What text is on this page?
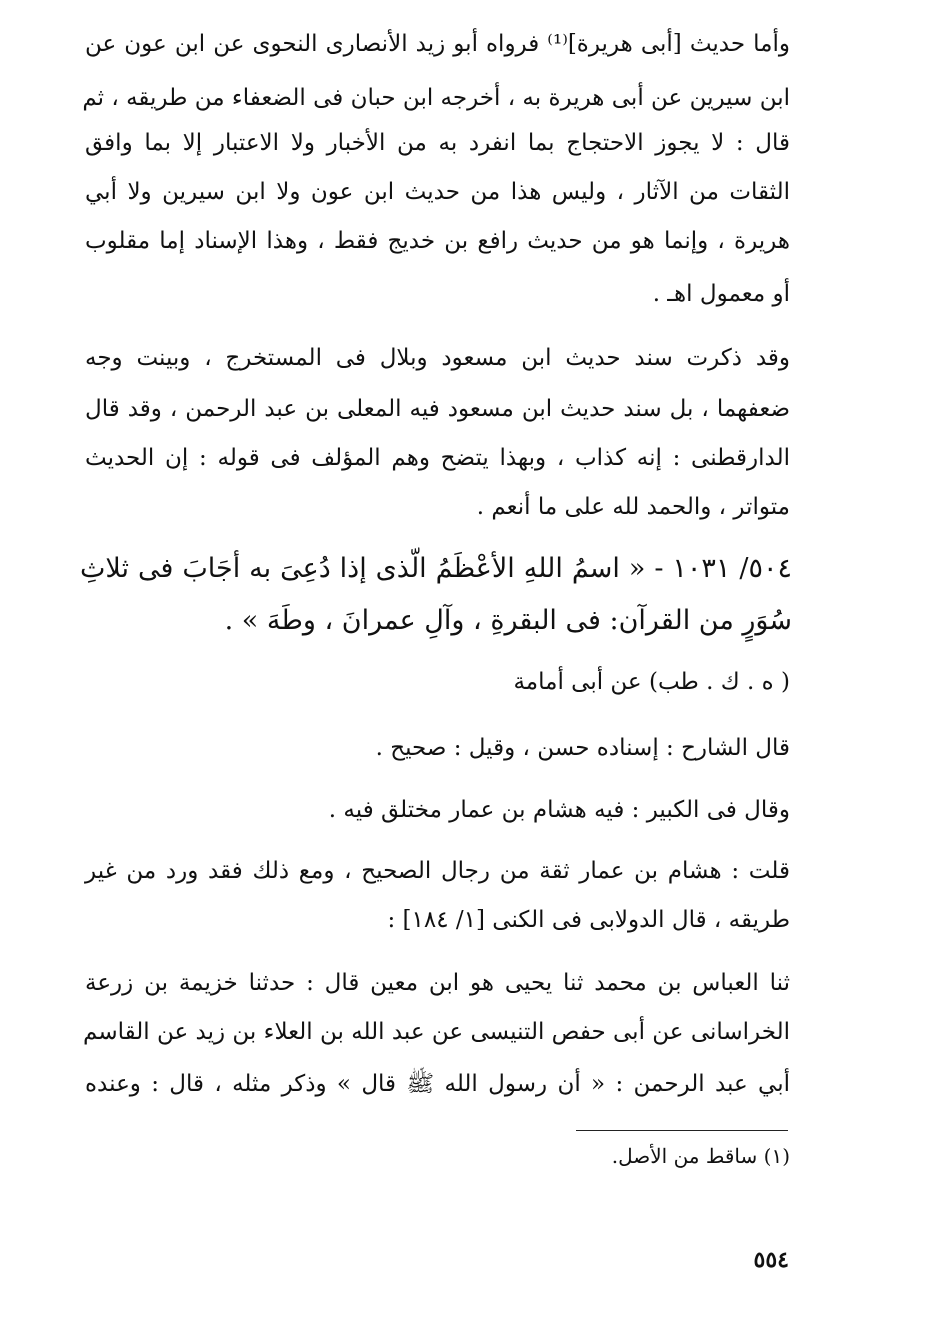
وأما حديث [أبى هريرة]⁽¹⁾ فرواه أبو زيد الأنصارى النحوى عن ابن عون عن
ابن سيرين عن أبى هريرة به ، أخرجه ابن حبان فى الضعفاء من طريقه ، ثم
قال : لا يجوز الاحتجاج بما انفرد به من الأخبار ولا الاعتبار إلا بما وافق
الثقات من الآثار ، وليس هذا من حديث ابن عون ولا ابن سيرين ولا أبي
هريرة ، وإنما هو من حديث رافع بن خديج فقط ، وهذا الإسناد إما مقلوب
أو معمول اهـ .
وقد ذكرت سند حديث ابن مسعود وبلال فى المستخرج ، وبينت وجه
ضعفهما ، بل سند حديث ابن مسعود فيه المعلى بن عبد الرحمن ، وقد قال
الدارقطنى : إنه كذاب ، وبهذا يتضح وهم المؤلف فى قوله : إن الحديث
متواتر ، والحمد لله على ما أنعم .
٥٠٤/ ١٠٣١ - « اسمُ اللهِ الأعْظَمُ الّذى إذا دُعِىَ به أجَابَ فى ثلاثِ
سُوَرٍ من القرآن: فى البقرةِ ، وآلِ عمرانَ ، وطَهَ » .
( ه . ك . طب) عن أبى أمامة
قال الشارح : إسناده حسن ، وقيل : صحيح .
وقال فى الكبير : فيه هشام بن عمار مختلق فيه .
قلت : هشام بن عمار ثقة من رجال الصحيح ، ومع ذلك فقد ورد من غير
طريقه ، قال الدولابى فى الكنى [١/ ١٨٤] :
ثنا العباس بن محمد ثنا يحيى هو ابن معين قال : حدثنا خزيمة بن زرعة
الخراسانى عن أبى حفص التنيسى عن عبد الله بن العلاء بن زيد عن القاسم
أبي عبد الرحمن : « أن رسول الله ﷺ قال » وذكر مثله ، قال : وعنده
(١) ساقط من الأصل.
٥٥٤
